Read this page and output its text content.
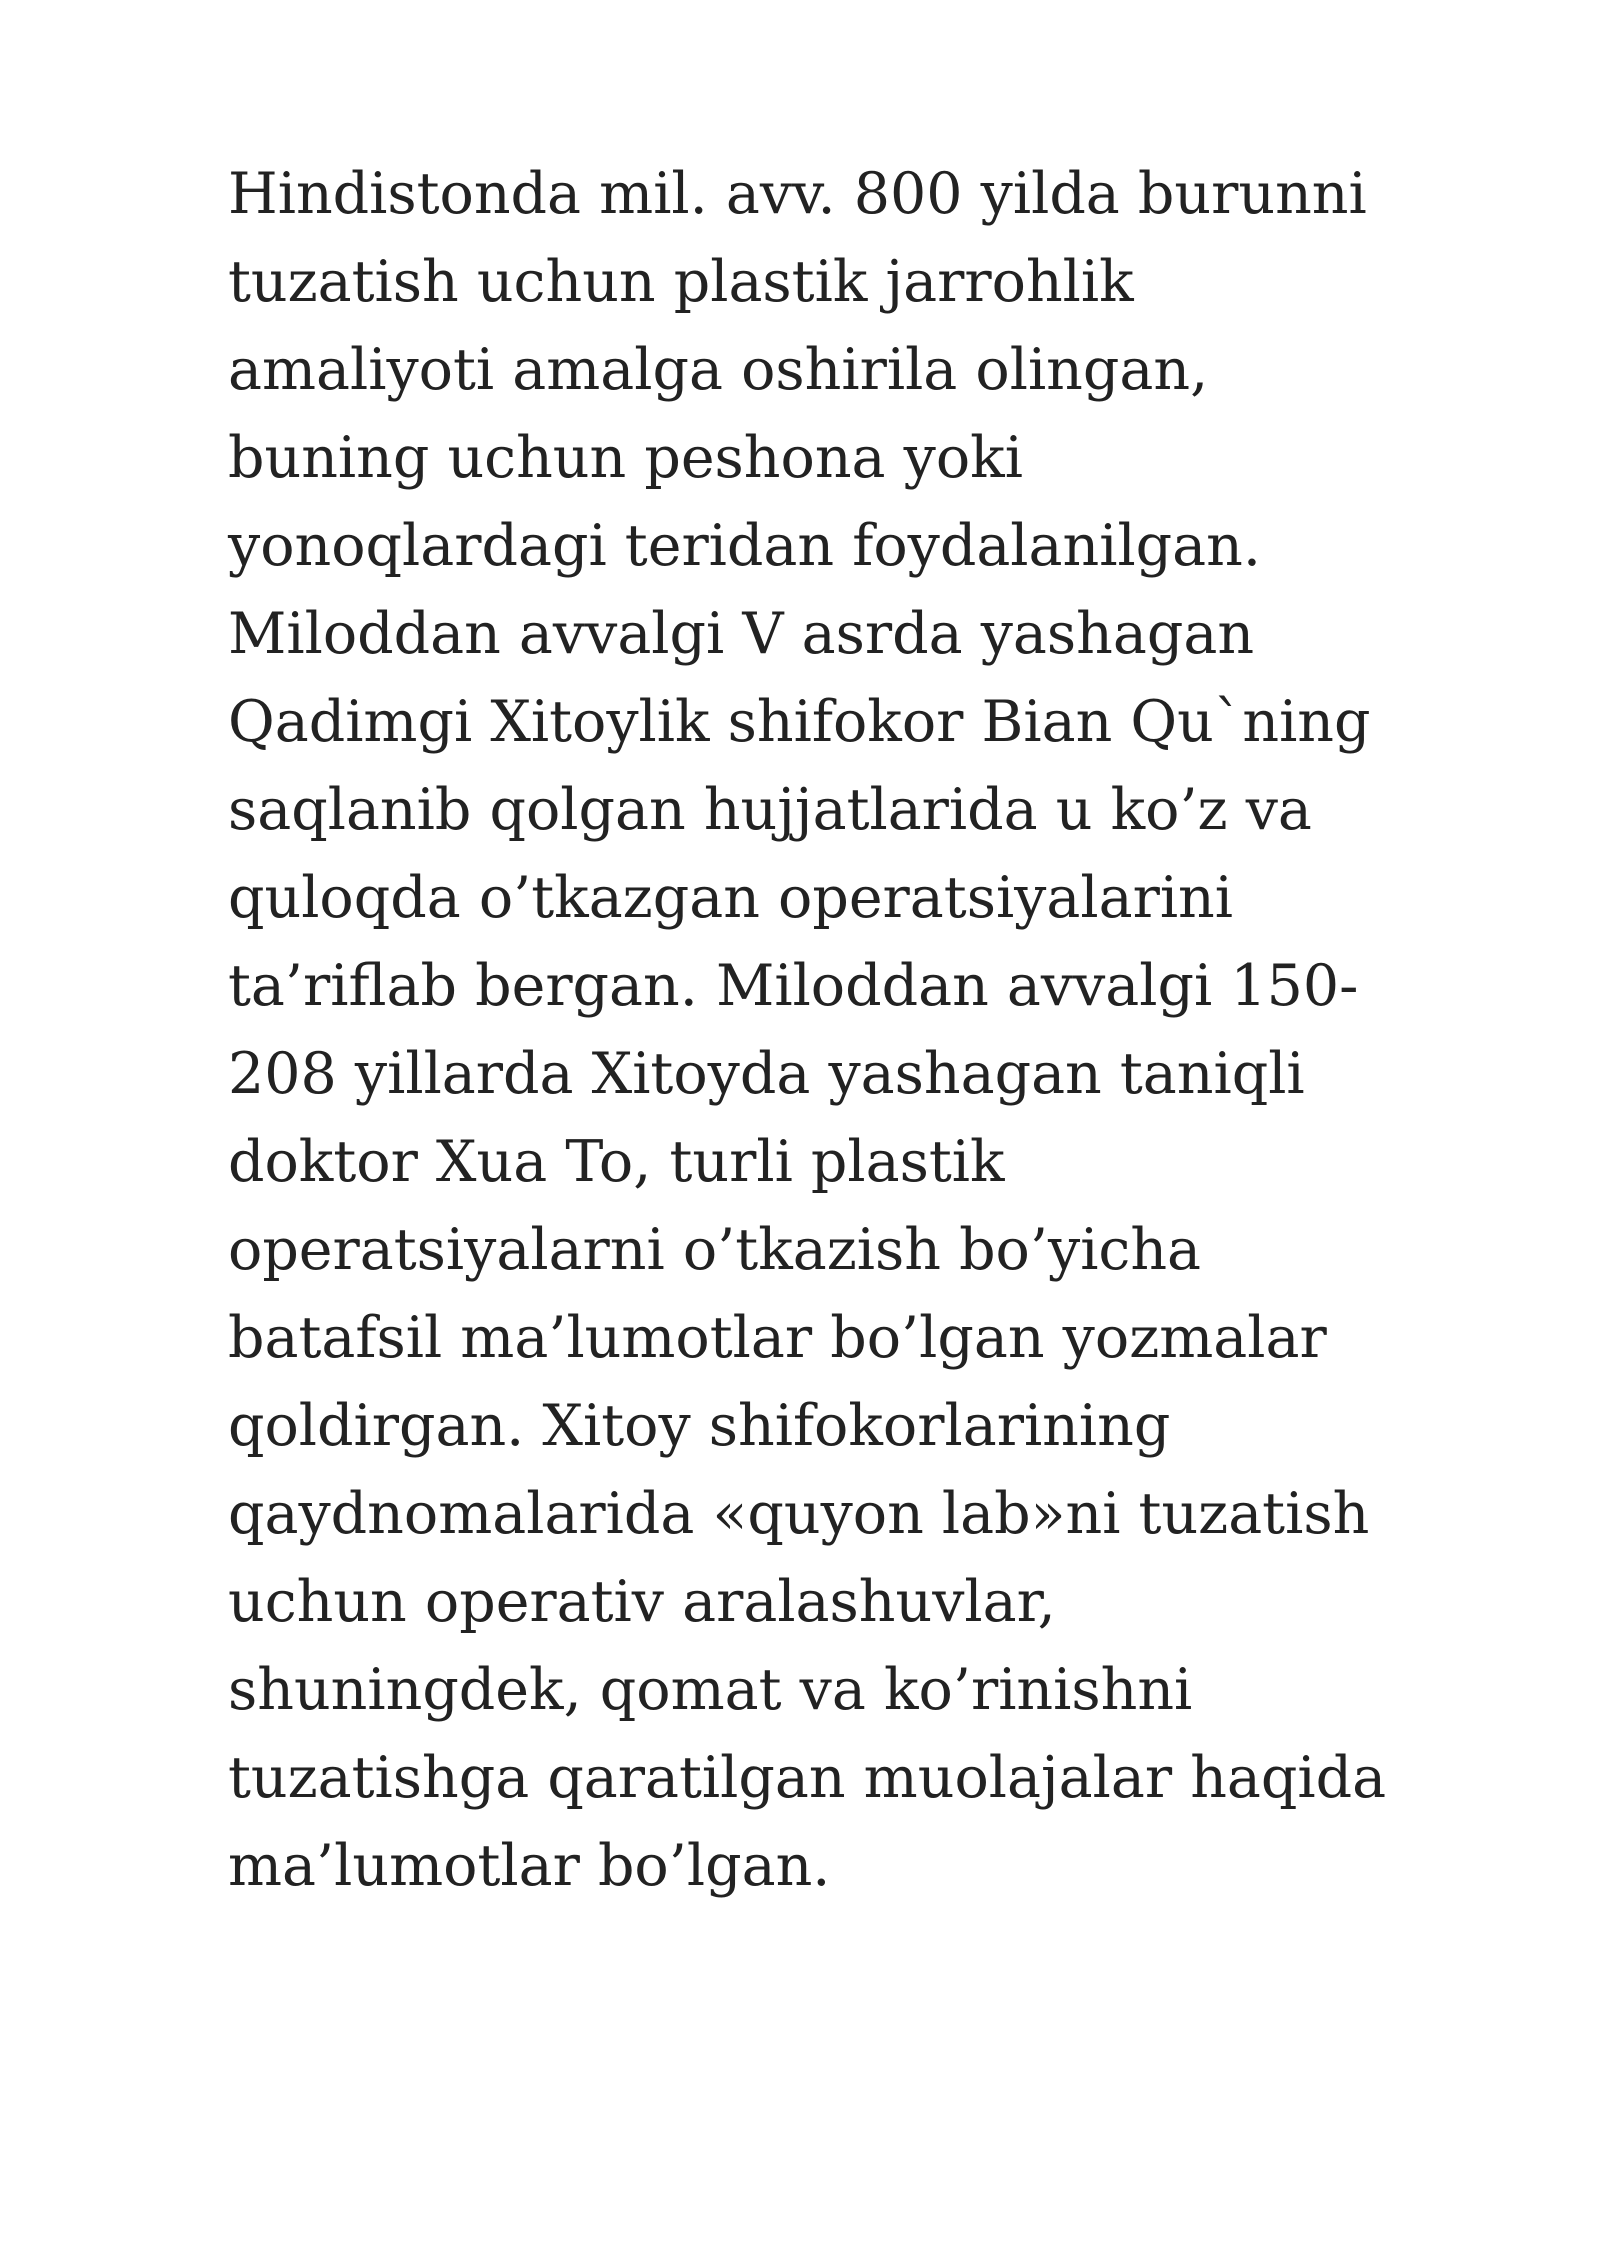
Hindistonda mil. avv. 800 yilda burunni
tuzatish uchun plastik jarrohlik
amaliyoti amalga oshirila olingan,
buning uchun peshona yoki
yonoqlardagi teridan foydalanilgan.
Miloddan avvalgi V asrda yashagan
Qadimgi Xitoylik shifokor Bian Qu`ning
saqlanib qolgan hujjatlarida u ko’z va
quloqda o’tkazgan operatsiyalarini
ta’riflab bergan. Miloddan avvalgi 150-
208 yillarda Xitoyda yashagan taniqli
doktor Xua To, turli plastik
operatsiyalarni o’tkazish bo’yicha
batafsil ma’lumotlar bo’lgan yozmalar
qoldirgan. Xitoy shifokorlarining
qaydnomalarida «quyon lab»ni tuzatish
uchun operativ aralashuvlar,
shuningdek, qomat va ko’rinishni
tuzatishga qaratilgan muolajalar haqida
ma’lumotlar bo’lgan.
